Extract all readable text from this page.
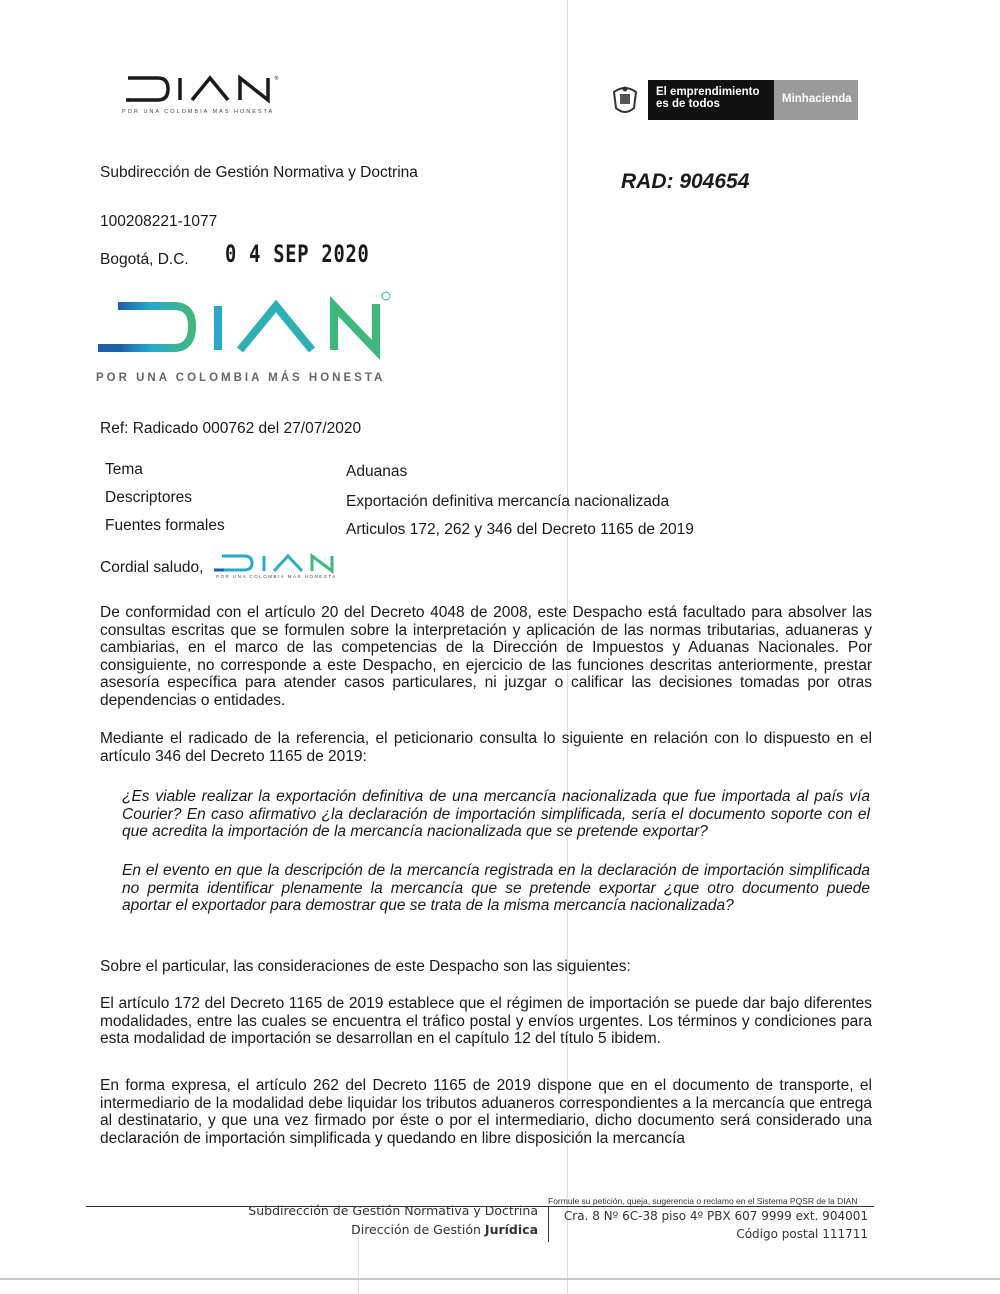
®
POR UNA COLOMBIA MÁS HONESTA
El emprendimiento
es de todos	Minhacienda
Subdirección de Gestión Normativa y Doctrina	RAD: 904654
100208221-1077
Bogotá, D.C. 0 4 SEP 2020
POR UNA COLOMBIA MÁS HONESTA
Ref: Radicado 000762 del 27/07/2020
Tema	Aduanas
Descriptores	Exportación definitiva mercancía nacionalizada
Fuentes formales	Articulos 172, 262 y 346 del Decreto 1165 de 2019
Cordial saludo,
POR UNA COLOMBIA MÁS HONESTA
De conformidad con el artículo 20 del Decreto 4048 de 2008, este Despacho está facultado para absolver las consultas escritas que se formulen sobre la interpretación y aplicación de las normas tributarias, aduaneras y cambiarias, en el marco de las competencias de la Dirección de Impuestos y Aduanas Nacionales. Por consiguiente, no corresponde a este Despacho, en ejercicio de las funciones descritas anteriormente, prestar asesoría específica para atender casos particulares, ni juzgar o calificar las decisiones tomadas por otras dependencias o entidades.
Mediante el radicado de la referencia, el peticionario consulta lo siguiente en relación con lo dispuesto en el artículo 346 del Decreto 1165 de 2019:
¿Es viable realizar la exportación definitiva de una mercancía nacionalizada que fue importada al país vía Courier? En caso afirmativo ¿la declaración de importación simplificada, sería el documento soporte con el que acredita la importación de la mercancía nacionalizada que se pretende exportar?
En el evento en que la descripción de la mercancía registrada en la declaración de importación simplificada no permita identificar plenamente la mercancía que se pretende exportar ¿que otro documento puede aportar el exportador para demostrar que se trata de la misma mercancía nacionalizada?
Sobre el particular, las consideraciones de este Despacho son las siguientes:
El artículo 172 del Decreto 1165 de 2019 establece que el régimen de importación se puede dar bajo diferentes modalidades, entre las cuales se encuentra el tráfico postal y envíos urgentes. Los términos y condiciones para esta modalidad de importación se desarrollan en el capítulo 12 del título 5 ibidem.
En forma expresa, el artículo 262 del Decreto 1165 de 2019 dispone que en el documento de transporte, el intermediario de la modalidad debe liquidar los tributos aduaneros correspondientes a la mercancía que entrega al destinatario, y que una vez firmado por éste o por el intermediario, dicho documento será considerado una declaración de importación simplificada y quedando en libre disposición la mercancía
Formule su petición, queja, sugerencia o reclamo en el Sistema PQSR de la DIAN
Subdirección de Gestión Normativa y Doctrina
Dirección de Gestión Jurídica
Cra. 8 Nº 6C-38 piso 4º PBX 607 9999 ext. 904001
Código postal 111711
